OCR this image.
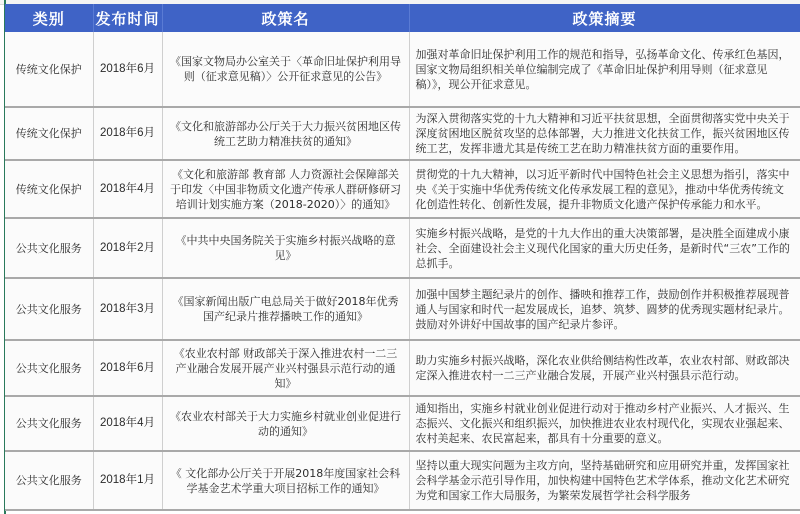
类别	发布时间	政策名	政策摘要
传统文化保护	2018年6月	《国家文物局办公室关于〈革命旧址保护利用导则（征求意见稿）〉公开征求意见的公告》	加强对革命旧址保护利用工作的规范和指导，弘扬革命文化、传承红色基因，国家文物局组织相关单位编制完成了《革命旧址保护利用导则（征求意见稿）》，现公开征求意见。
传统文化保护	2018年6月	《文化和旅游部办公厅关于大力振兴贫困地区传统工艺助力精准扶贫的通知》	为深入贯彻落实党的十九大精神和习近平扶贫思想，全面贯彻落实党中央关于深度贫困地区脱贫攻坚的总体部署，大力推进文化扶贫工作，振兴贫困地区传统工艺，发挥非遗尤其是传统工艺在助力精准扶贫方面的重要作用。
传统文化保护	2018年4月	《文化和旅游部 教育部 人力资源社会保障部关于印发〈中国非物质文化遗产传承人群研修研习培训计划实施方案（2018-2020）〉的通知》	贯彻党的十九大精神，以习近平新时代中国特色社会主义思想为指引，落实中央《关于实施中华优秀传统文化传承发展工程的意见》，推动中华优秀传统文化创造性转化、创新性发展，提升非物质文化遗产保护传承能力和水平。
公共文化服务	2018年2月	《中共中央国务院关于实施乡村振兴战略的意见》	实施乡村振兴战略，是党的十九大作出的重大决策部署，是决胜全面建成小康社会、全面建设社会主义现代化国家的重大历史任务，是新时代“三农”工作的总抓手。
公共文化服务	2018年3月	《国家新闻出版广电总局关于做好2018年优秀国产纪录片推荐播映工作的通知》	加强中国梦主题纪录片的创作、播映和推荐工作，鼓励创作并积极推荐展现普通人与国家和时代一起发展成长，追梦、筑梦、圆梦的优秀现实题材纪录片。鼓励对外讲好中国故事的国产纪录片参评。
公共文化服务	2018年6月	《农业农村部 财政部关于深入推进农村一二三产业融合发展开展产业兴村强县示范行动的通知》	助力实施乡村振兴战略，深化农业供给侧结构性改革，农业农村部、财政部决定深入推进农村一二三产业融合发展，开展产业兴村强县示范行动。
公共文化服务	2018年4月	《农业农村部关于大力实施乡村就业创业促进行动的通知》	通知指出，实施乡村就业创业促进行动对于推动乡村产业振兴、人才振兴、生态振兴、文化振兴和组织振兴，加快推进农业农村现代化，实现农业强起来、农村美起来、农民富起来，都具有十分重要的意义。
公共文化服务	2018年1月	《 文化部办公厅关于开展2018年度国家社会科学基金艺术学重大项目招标工作的通知》	坚持以重大现实问题为主攻方向，坚持基础研究和应用研究并重，发挥国家社会科学基金示范引导作用，加快构建中国特色艺术学体系，推动文化艺术研究为党和国家工作大局服务，为繁荣发展哲学社会科学服务
